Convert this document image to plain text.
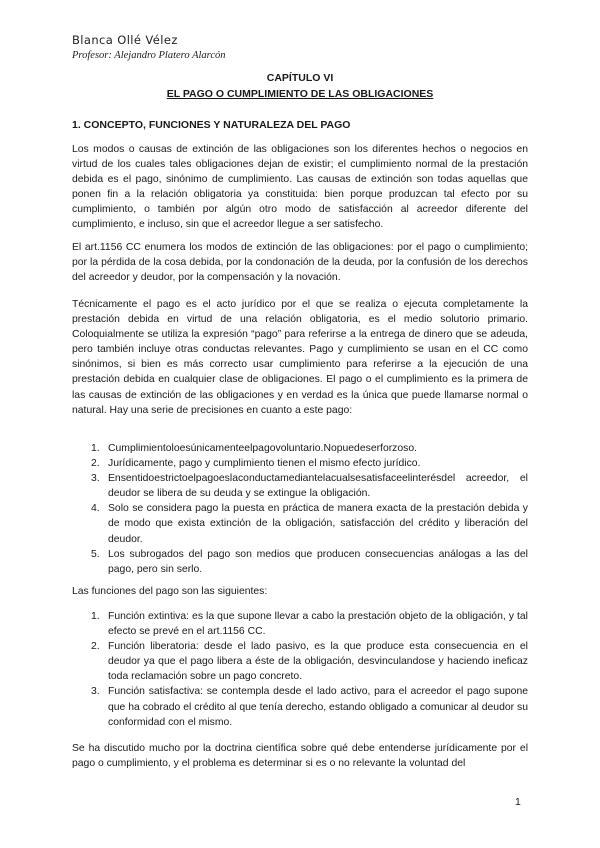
Blanca Ollé Vélez
Profesor: Alejandro Platero Alarcón
CAPÍTULO VI
EL PAGO O CUMPLIMIENTO DE LAS OBLIGACIONES
1. CONCEPTO, FUNCIONES Y NATURALEZA DEL PAGO

Los modos o causas de extinción de las obligaciones son los diferentes hechos o negocios en virtud de los cuales tales obligaciones dejan de existir; el cumplimiento normal de la prestación debida es el pago, sinónimo de cumplimiento. Las causas de extinción son todas aquellas que ponen fin a la relación obligatoria ya constituida: bien porque produzcan tal efecto por su cumplimiento, o también por algún otro modo de satisfacción al acreedor diferente del cumplimiento, e incluso, sin que el acreedor llegue a ser satisfecho.

El art.1156 CC enumera los modos de extinción de las obligaciones: por el pago o cumplimiento; por la pérdida de la cosa debida, por la condonación de la deuda, por la confusión de los derechos del acreedor y deudor, por la compensación y la novación.

Técnicamente el pago es el acto jurídico por el que se realiza o ejecuta completamente la prestación debida en virtud de una relación obligatoria, es el medio solutorio primario. Coloquialmente se utiliza la expresión “pago” para referirse a la entrega de dinero que se adeuda, pero también incluye otras conductas relevantes. Pago y cumplimiento se usan en el CC como sinónimos, si bien es más correcto usar cumplimiento para referirse a la ejecución de una prestación debida en cualquier clase de obligaciones. El pago o el cumplimiento es la primera de las causas de extinción de las obligaciones y en verdad es la única que puede llamarse normal o natural. Hay una serie de precisiones en cuanto a este pago:

1. Cumplimientoloesúnicamenteelpagovoluntario.Nopuedeserforzoso.
2. Jurídicamente, pago y cumplimiento tienen el mismo efecto jurídico.
3. Ensentidoestrictoelpagoeslaconductamediantelacualsesatisfaceelinterésdel acreedor, el deudor se libera de su deuda y se extingue la obligación.
4. Solo se considera pago la puesta en práctica de manera exacta de la prestación debida y de modo que exista extinción de la obligación, satisfacción del crédito y liberación del deudor.
5. Los subrogados del pago son medios que producen consecuencias análogas a las del pago, pero sin serlo.

Las funciones del pago son las siguientes:

1. Función extintiva: es la que supone llevar a cabo la prestación objeto de la obligación, y tal efecto se prevé en el art.1156 CC.
2. Función liberatoria: desde el lado pasivo, es la que produce esta consecuencia en el deudor ya que el pago libera a éste de la obligación, desvinculandose y haciendo ineficaz toda reclamación sobre un pago concreto.
3. Función satisfactiva: se contempla desde el lado activo, para el acreedor el pago supone que ha cobrado el crédito al que tenía derecho, estando obligado a comunicar al deudor su conformidad con el mismo.

Se ha discutido mucho por la doctrina científica sobre qué debe entenderse jurídicamente por el pago o cumplimiento, y el problema es determinar si es o no relevante la voluntad del

1
